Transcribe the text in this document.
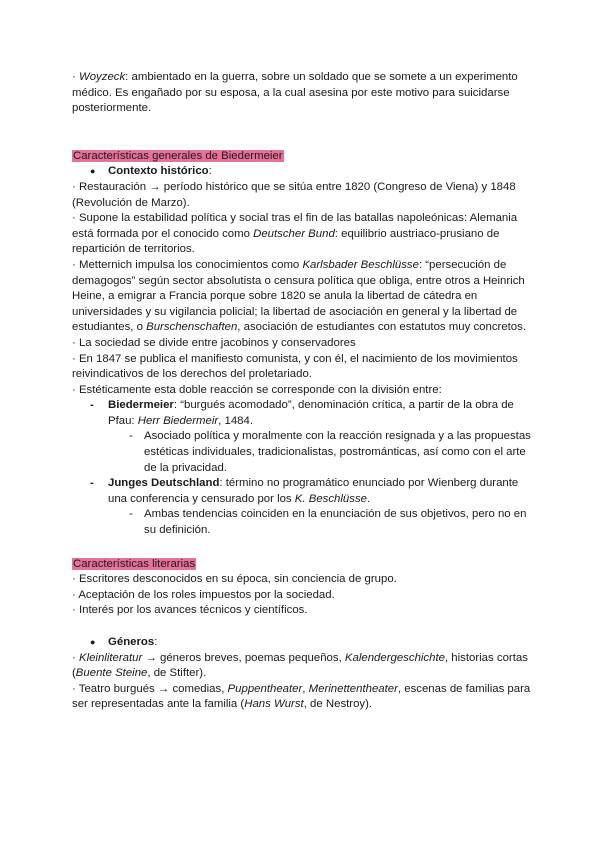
· Woyzeck: ambientado en la guerra, sobre un soldado que se somete a un experimento médico. Es engañado por su esposa, a la cual asesina por este motivo para suicidarse posteriormente.

Características generales de Biedermeier

● Contexto histórico:

· Restauración → período histórico que se sitúa entre 1820 (Congreso de Viena) y 1848 (Revolución de Marzo).

· Supone la estabilidad política y social tras el fin de las batallas napoleónicas: Alemania está formada por el conocido como Deutscher Bund: equilibrio austriaco-prusiano de repartición de territorios.

· Metternich impulsa los conocimientos como Karlsbader Beschlüsse: “persecución de demagogos” según sector absolutista o censura política que obliga, entre otros a Heinrich Heine, a emigrar a Francia porque sobre 1820 se anula la libertad de cátedra en universidades y su vigilancia policial; la libertad de asociación en general y la libertad de estudiantes, o Burschenschaften, asociación de estudiantes con estatutos muy concretos.

· La sociedad se divide entre jacobinos y conservadores

· En 1847 se publica el manifiesto comunista, y con él, el nacimiento de los movimientos reivindicativos de los derechos del proletariado.

· Estéticamente esta doble reacción se corresponde con la división entre:

- Biedermeier: “burgués acomodado”, denominación crítica, a partir de la obra de Pfau: Herr Biedermeir, 1484.

- Asociado política y moralmente con la reacción resignada y a las propuestas estéticas individuales, tradicionalistas, postrománticas, así como con el arte de la privacidad.

- Junges Deutschland: término no programático enunciado por Wienberg durante una conferencia y censurado por los K. Beschlüsse.

- Ambas tendencias coinciden en la enunciación de sus objetivos, pero no en su definición.

Características literarias

· Escritores desconocidos en su época, sin conciencia de grupo.

· Aceptación de los roles impuestos por la sociedad.

· Interés por los avances técnicos y científicos.

● Géneros:

· Kleinliteratur → géneros breves, poemas pequeños, Kalendergeschichte, historias cortas (Buente Steine, de Stifter).

· Teatro burgués → comedias, Puppentheater, Merinettentheater, escenas de familias para ser representadas ante la familia (Hans Wurst, de Nestroy).
